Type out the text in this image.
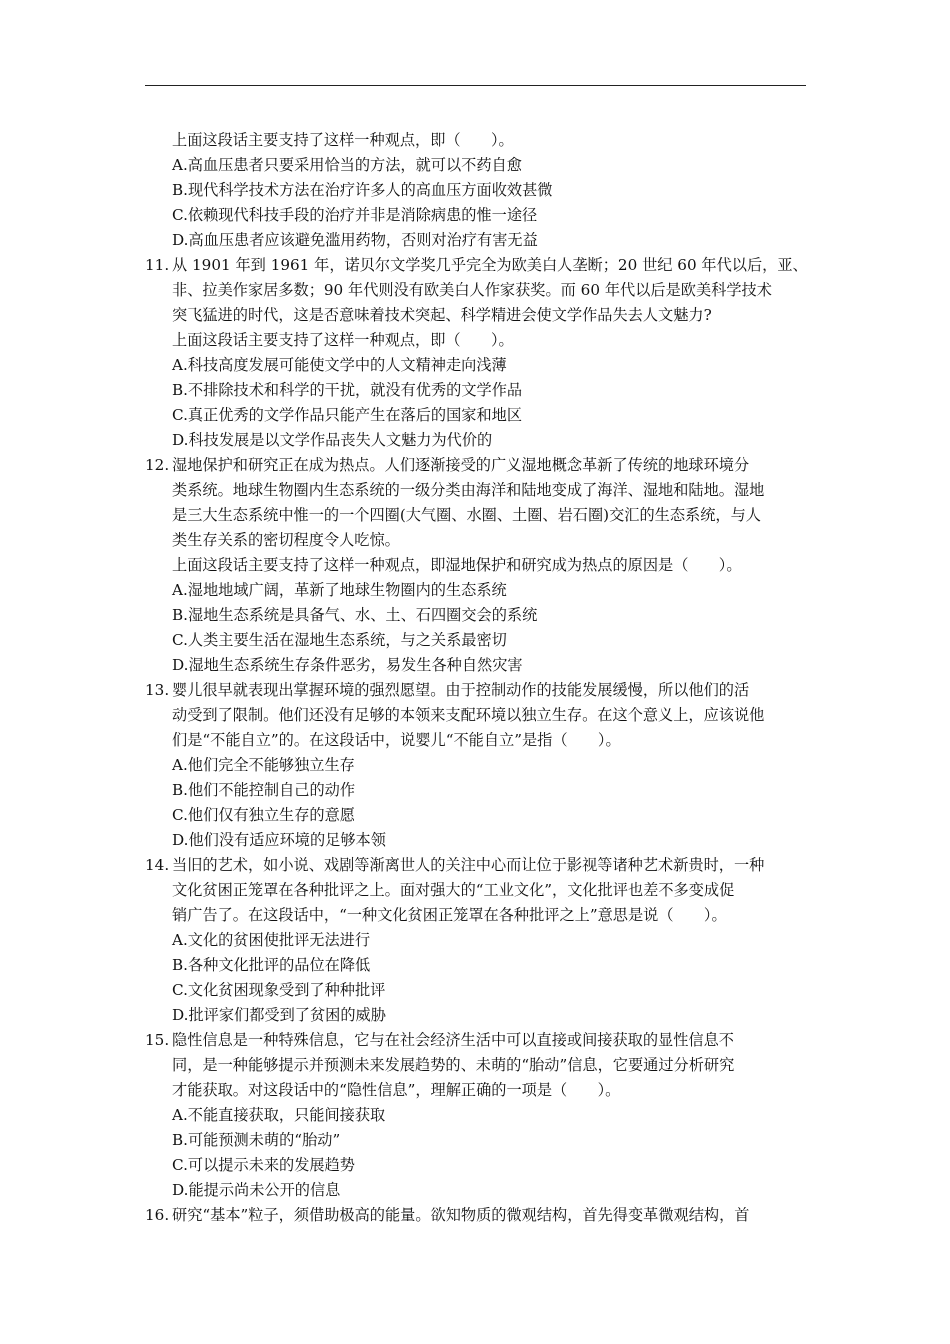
上面这段话主要支持了这样一种观点，即（　　）。
A.高血压患者只要采用恰当的方法，就可以不药自愈
B.现代科学技术方法在治疗许多人的高血压方面收效甚微
C.依赖现代科技手段的治疗并非是消除病患的惟一途径
D.高血压患者应该避免滥用药物，否则对治疗有害无益
11. 从 1901 年到 1961 年，诺贝尔文学奖几乎完全为欧美白人垄断；20 世纪 60 年代以后，亚、
非、拉美作家居多数；90 年代则没有欧美白人作家获奖。而 60 年代以后是欧美科学技术
突飞猛进的时代，这是否意味着技术突起、科学精进会使文学作品失去人文魅力?
上面这段话主要支持了这样一种观点，即（　　）。
A.科技高度发展可能使文学中的人文精神走向浅薄
B.不排除技术和科学的干扰，就没有优秀的文学作品
C.真正优秀的文学作品只能产生在落后的国家和地区
D.科技发展是以文学作品丧失人文魅力为代价的
12. 湿地保护和研究正在成为热点。人们逐渐接受的广义湿地概念革新了传统的地球环境分
类系统。地球生物圈内生态系统的一级分类由海洋和陆地变成了海洋、湿地和陆地。湿地
是三大生态系统中惟一的一个四圈(大气圈、水圈、土圈、岩石圈)交汇的生态系统，与人
类生存关系的密切程度令人吃惊。
上面这段话主要支持了这样一种观点，即湿地保护和研究成为热点的原因是（　　）。
A.湿地地域广阔，革新了地球生物圈内的生态系统
B.湿地生态系统是具备气、水、土、石四圈交会的系统
C.人类主要生活在湿地生态系统，与之关系最密切
D.湿地生态系统生存条件恶劣，易发生各种自然灾害
13. 婴儿很早就表现出掌握环境的强烈愿望。由于控制动作的技能发展缓慢，所以他们的活
动受到了限制。他们还没有足够的本领来支配环境以独立生存。在这个意义上，应该说他
们是“不能自立”的。在这段话中，说婴儿“不能自立”是指（　　）。
A.他们完全不能够独立生存
B.他们不能控制自己的动作
C.他们仅有独立生存的意愿
D.他们没有适应环境的足够本领
14. 当旧的艺术，如小说、戏剧等渐离世人的关注中心而让位于影视等诸种艺术新贵时，一种
文化贫困正笼罩在各种批评之上。面对强大的“工业文化”，文化批评也差不多变成促
销广告了。在这段话中，“一种文化贫困正笼罩在各种批评之上”意思是说（　　）。
A.文化的贫困使批评无法进行
B.各种文化批评的品位在降低
C.文化贫困现象受到了种种批评
D.批评家们都受到了贫困的威胁
15. 隐性信息是一种特殊信息，它与在社会经济生活中可以直接或间接获取的显性信息不
同，是一种能够提示并预测未来发展趋势的、未萌的“胎动”信息，它要通过分析研究
才能获取。对这段话中的“隐性信息”，理解正确的一项是（　　）。
A.不能直接获取，只能间接获取
B.可能预测未萌的“胎动”
C.可以提示未来的发展趋势
D.能提示尚未公开的信息
16. 研究“基本”粒子，须借助极高的能量。欲知物质的微观结构，首先得变革微观结构，首
